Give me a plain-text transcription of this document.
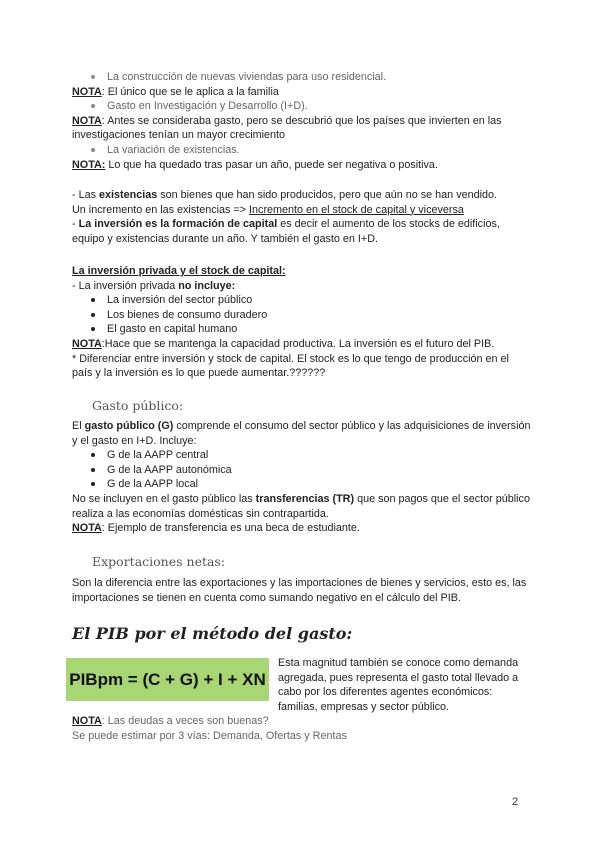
La construcción de nuevas viviendas para uso residencial.
NOTA: El único que se le aplica a la familia
Gasto en Investigación y Desarrollo (I+D).
NOTA: Antes se consideraba gasto, pero se descubrió que los países que invierten en las investigaciones tenían un mayor crecimiento
La variación de existencias.
NOTA: Lo que ha quedado tras pasar un año, puede ser negativa o positiva.
- Las existencias son bienes que han sido producidos, pero que aún no se han vendido.
Un incremento en las existencias => Incremento en el stock de capital y viceversa
- La inversión es la formación de capital es decir el aumento de los stocks de edificios, equipo y existencias durante un año. Y también el gasto en I+D.
La inversión privada y el stock de capital:
- La inversión privada no incluye:
La inversión del sector público
Los bienes de consumo duradero
El gasto en capital humano
NOTA:Hace que se mantenga la capacidad productiva. La inversión es el futuro del PIB.
* Diferenciar entre inversión y stock de capital. El stock es lo que tengo de producción en el país y la inversión es lo que puede aumentar.??????
Gasto público:
El gasto público (G) comprende el consumo del sector público y las adquisiciones de inversión y el gasto en I+D. Incluye:
G de la AAPP central
G de la AAPP autonómica
G de la AAPP local
No se incluyen en el gasto público las transferencias (TR) que son pagos que el sector público realiza a las economías domésticas sin contrapartida.
NOTA: Ejemplo de transferencia es una beca de estudiante.
Exportaciones netas:
Son la diferencia entre las exportaciones y las importaciones de bienes y servicios, esto es, las importaciones se tienen en cuenta como sumando negativo en el cálculo del PIB.
El PIB por el método del gasto:
PIBpm = (C + G) + I + XN
Esta magnitud también se conoce como demanda agregada, pues representa el gasto total llevado a cabo por los diferentes agentes económicos: familias, empresas y sector público.
NOTA: Las deudas a veces son buenas?
Se puede estimar por 3 vías: Demanda, Ofertas y Rentas
2
